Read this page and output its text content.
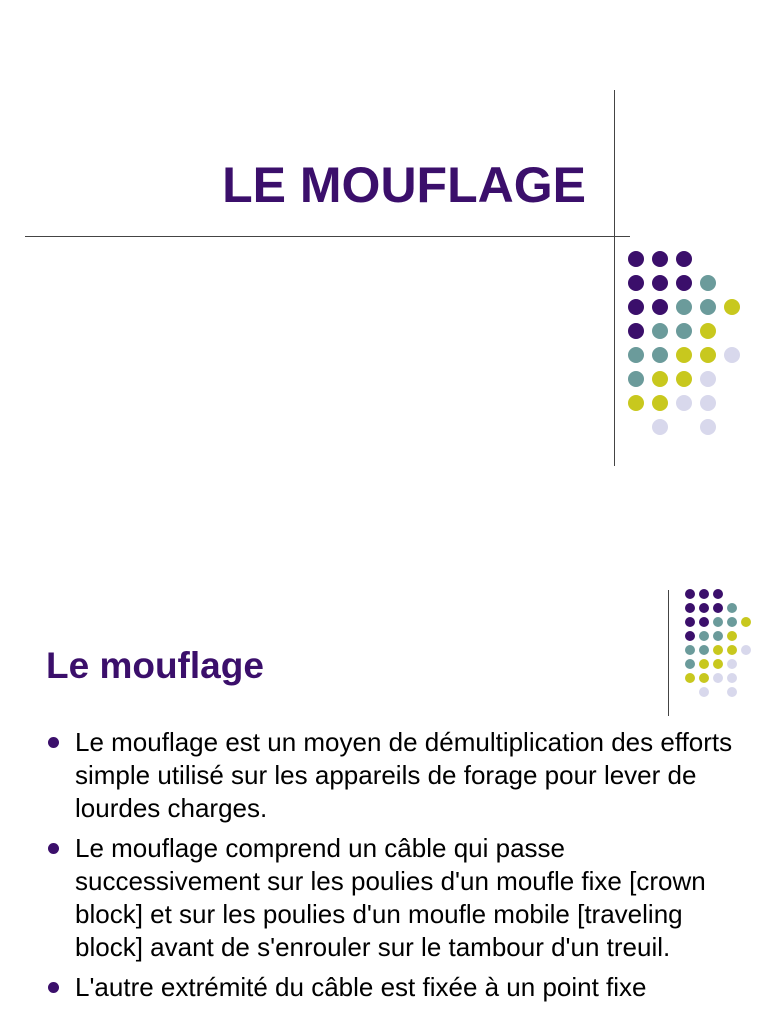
LE MOUFLAGE
Le mouflage
Le mouflage est un moyen de démultiplication des efforts simple utilisé sur les appareils de forage pour lever de lourdes charges.
Le mouflage comprend un câble qui passe successivement sur les poulies d'un moufle fixe [crown block] et sur les poulies d'un moufle mobile [traveling block] avant de s'enrouler sur le tambour d'un treuil.
L'autre extrémité du câble est fixée à un point fixe
